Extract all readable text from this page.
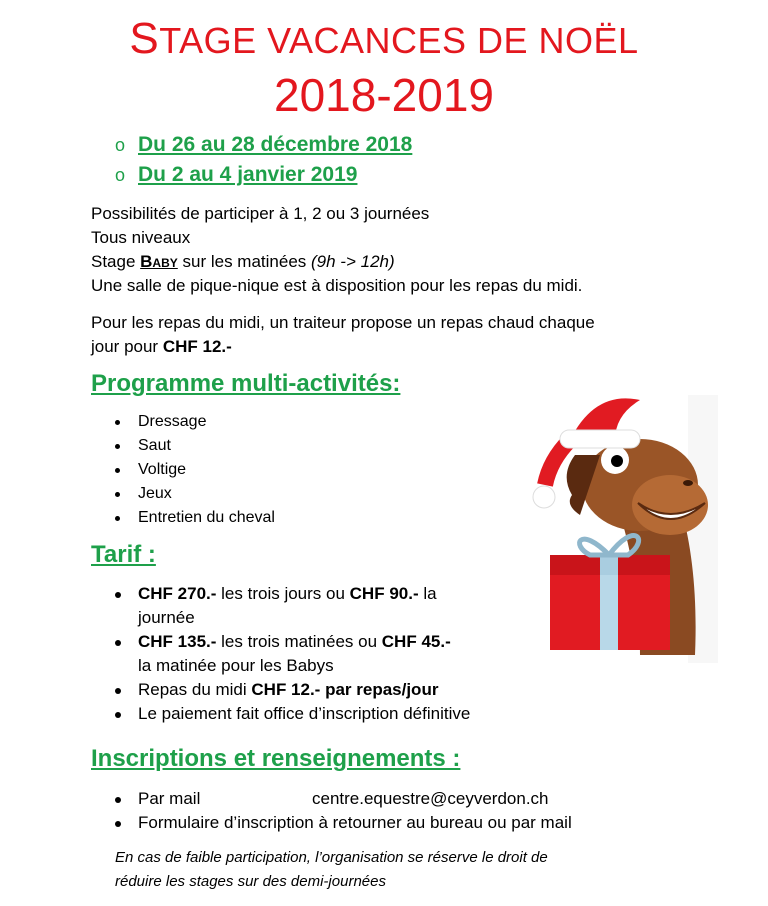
STAGE VACANCES DE NOËL
2018-2019
o Du 26 au 28 décembre 2018
o Du 2 au 4 janvier 2019
Possibilités de participer à 1, 2 ou 3 journées
Tous niveaux
Stage Baby sur les matinées (9h -> 12h)
Une salle de pique-nique est à disposition pour les repas du midi.
Pour les repas du midi, un traiteur propose un repas chaud chaque
jour pour CHF 12.-
Programme multi-activités:
Dressage
Saut
Voltige
Jeux
Entretien du cheval
Tarif :
CHF 270.- les trois jours ou CHF 90.- la
journée
CHF 135.- les trois matinées ou CHF 45.-
la matinée pour les Babys
Repas du midi CHF 12.- par repas/jour
Le paiement fait office d’inscription définitive
Inscriptions et renseignements :
Par mail	centre.equestre@ceyverdon.ch
Formulaire d’inscription à retourner au bureau ou par mail
En cas de faible participation, l’organisation se réserve le droit de
réduire les stages sur des demi-journées
